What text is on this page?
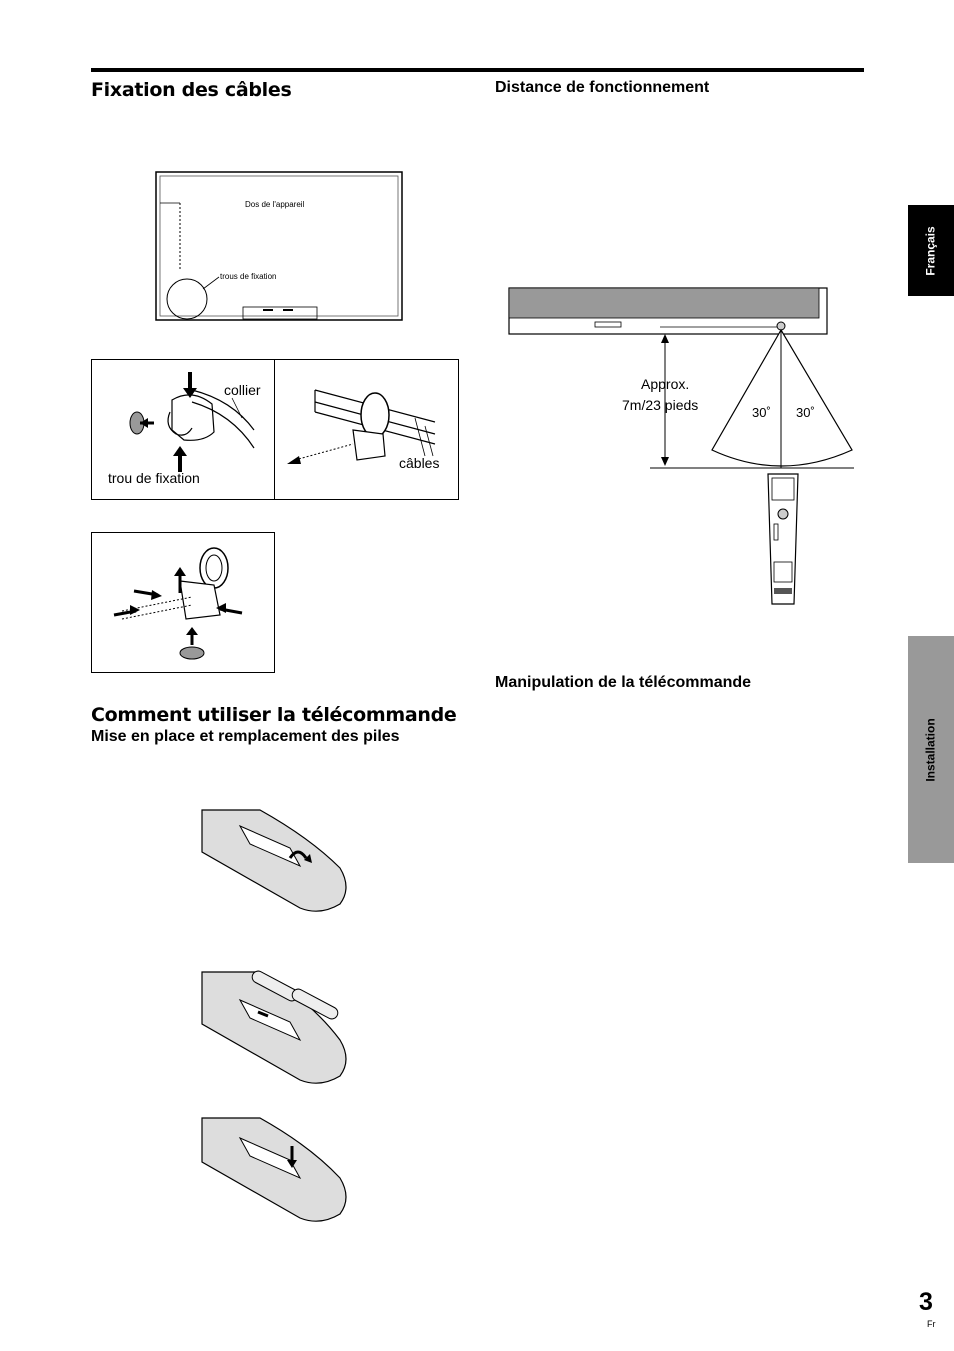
Fixation des câbles
Dos de l'appareil
trous de fixation
collier
trou de fixation
câbles
Comment utiliser la télécommande
Mise en place et remplacement des piles
Distance de fonctionnement
Approx.
7m/23 pieds	30˚ 30˚
Manipulation de la télécommande
Français
Installation
3
Fr
